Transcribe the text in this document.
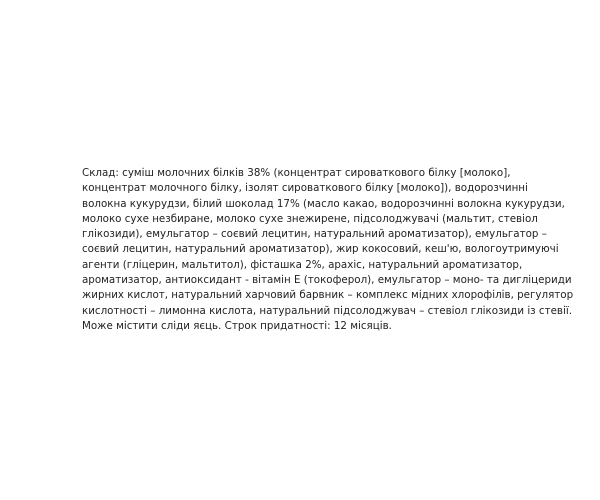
Склад: суміш молочних білків 38% (концентрат сироваткового білку [молоко],
концентрат молочного білку, ізолят сироваткового білку [молоко]), водорозчинні
волокна кукурудзи, білий шоколад 17% (масло какао, водорозчинні волокна кукурудзи,
молоко сухе незбиране, молоко сухе знежирене, підсолоджувачі (мальтит, стевіол
глікозиди), емульгатор – соєвий лецитин, натуральний ароматизатор), емульгатор –
соєвий лецитин, натуральний ароматизатор), жир кокосовий, кеш'ю, вологоутримуючі
агенти (гліцерин, мальтитол), фісташка 2%, арахіс, натуральний ароматизатор,
ароматизатор, антиоксидант - вітамін Е (токоферол), емульгатор – моно- та дигліцериди
жирних кислот, натуральний харчовий барвник – комплекс мідних хлорофілів, регулятор
кислотності – лимонна кислота, натуральний підсолоджувач – стевіол глікозиди із стевії.
Може містити сліди яєць. Строк придатності: 12 місяців.
